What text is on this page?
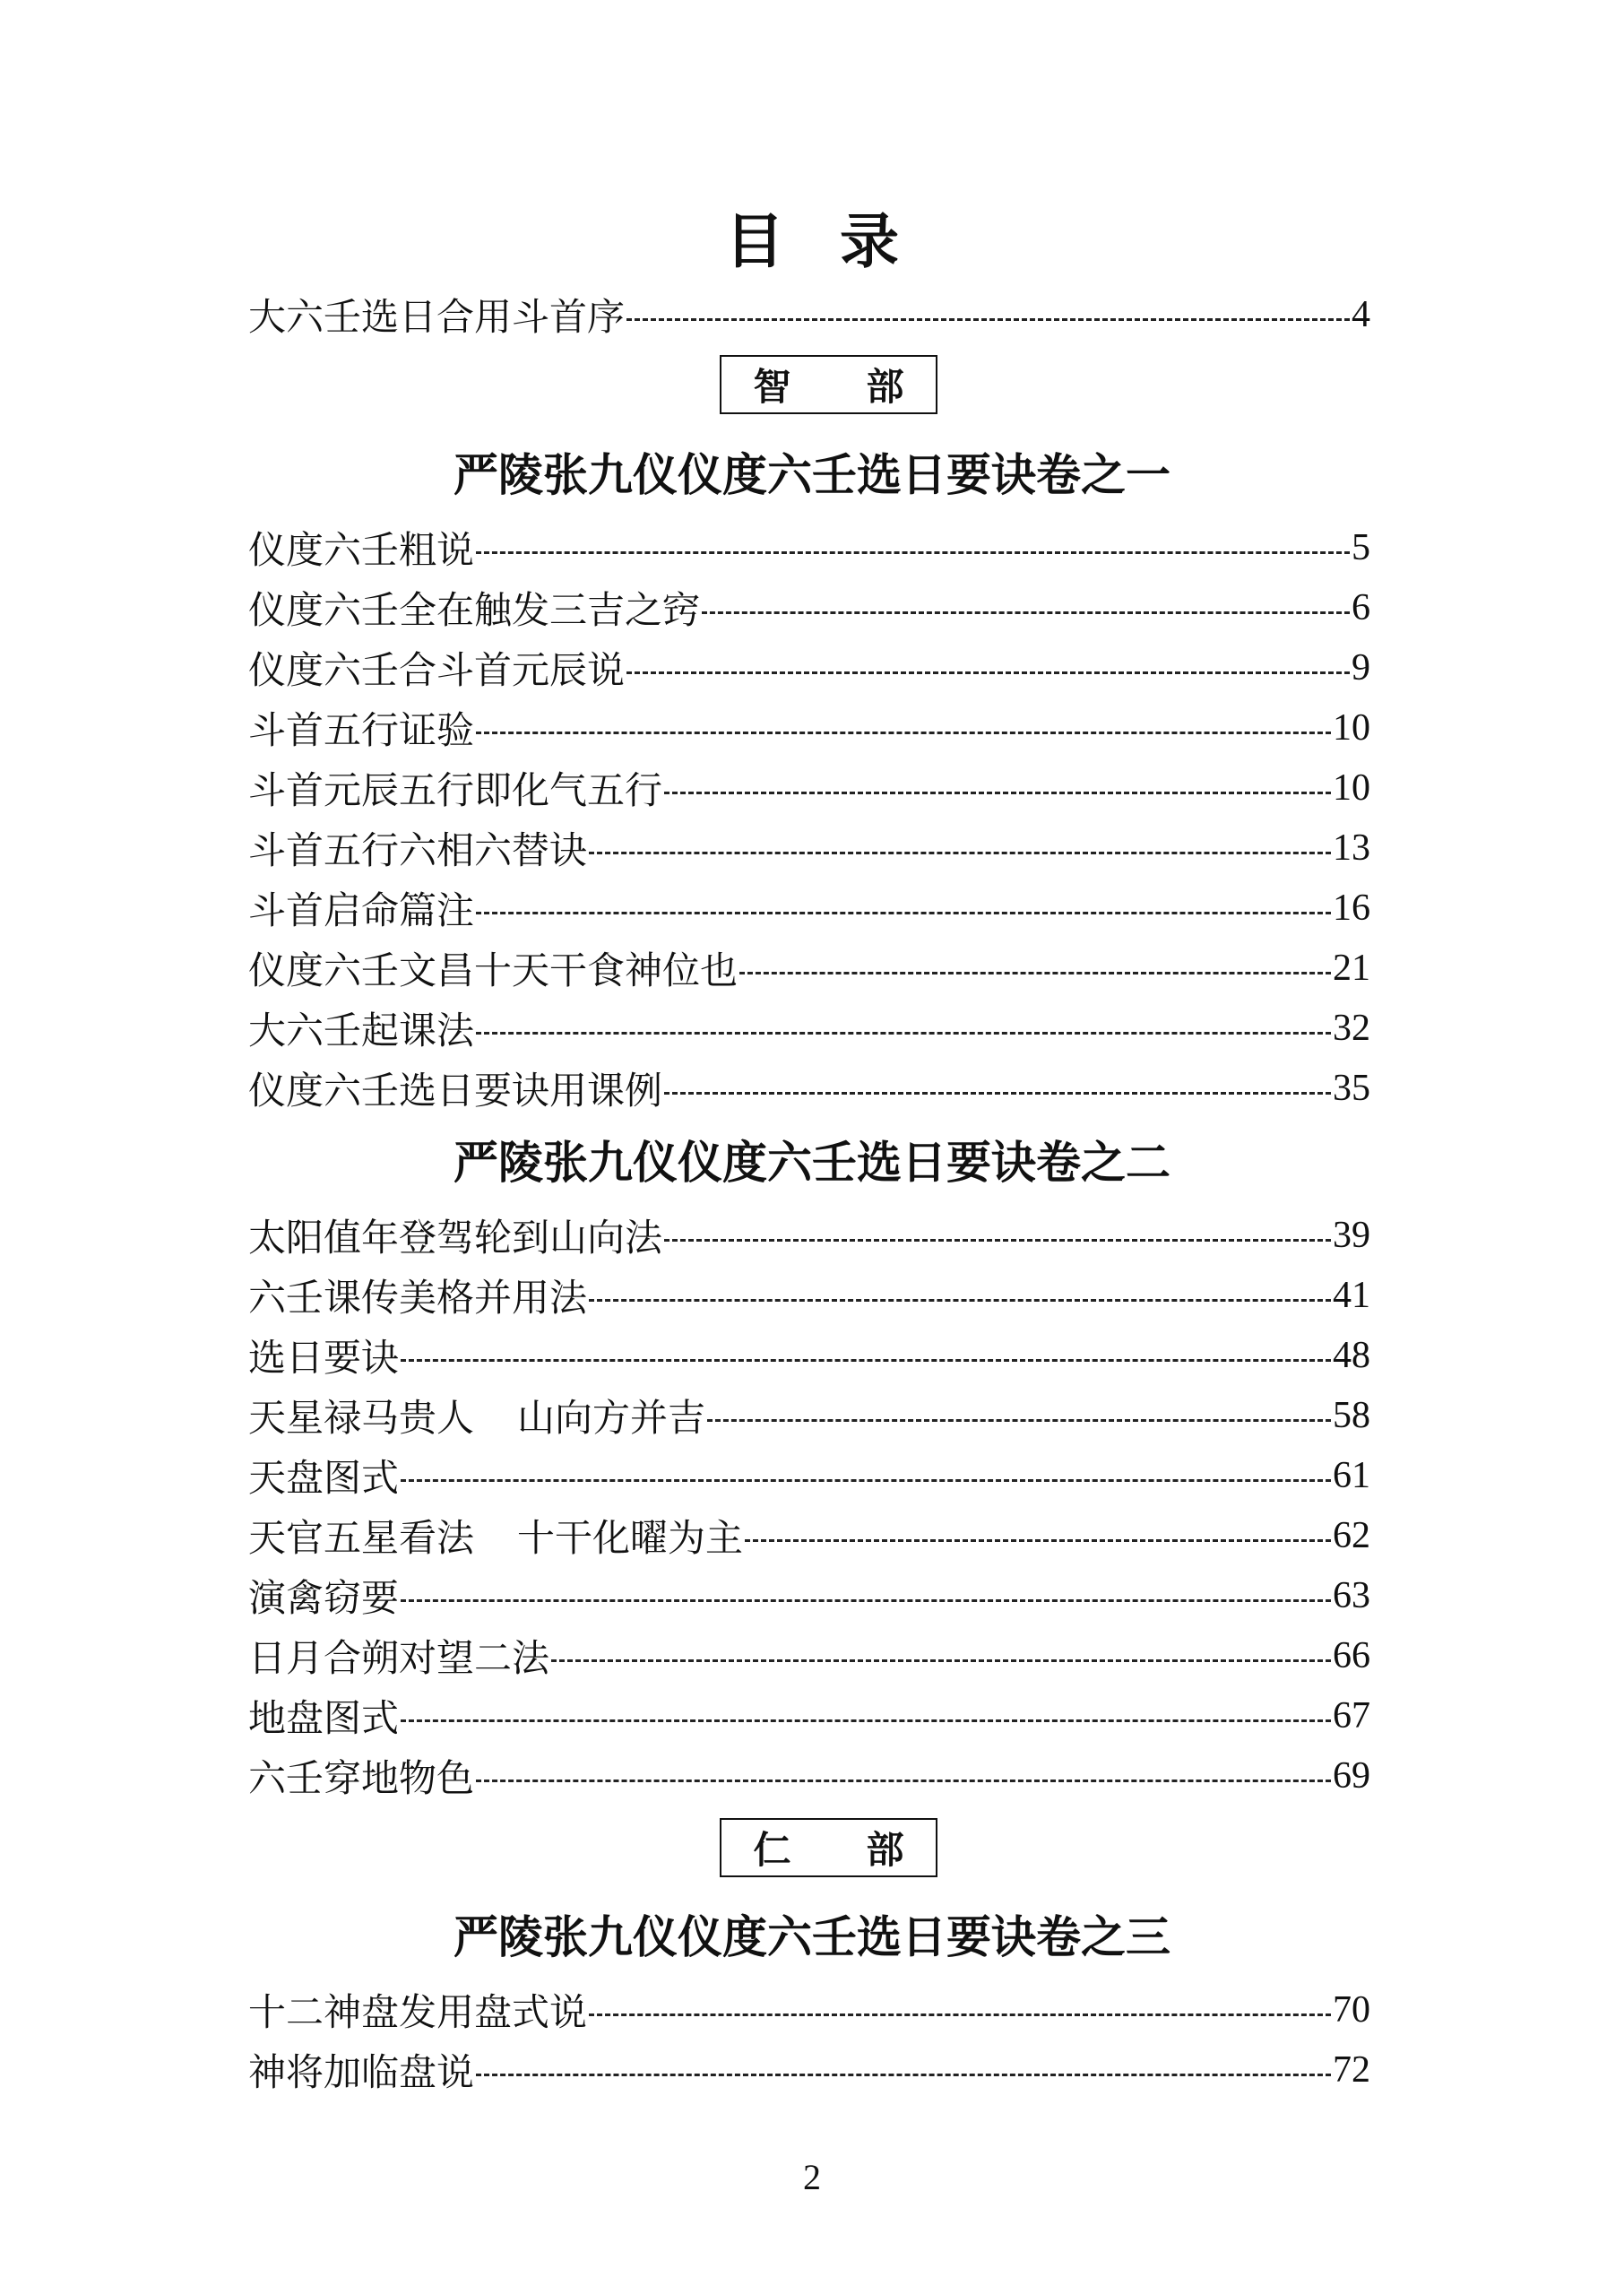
目录
大六壬选日合用斗首序	4
智 部
严陵张九仪仪度六壬选日要诀卷之一
仪度六壬粗说	5
仪度六壬全在触发三吉之窍	6
仪度六壬合斗首元辰说	9
斗首五行证验	10
斗首元辰五行即化气五行	10
斗首五行六相六替诀	13
斗首启命篇注	16
仪度六壬文昌十天干食神位也	21
大六壬起课法	32
仪度六壬选日要诀用课例	35
严陵张九仪仪度六壬选日要诀卷之二
太阳值年登驾轮到山向法	39
六壬课传美格并用法	41
选日要诀	48
天星禄马贵人 山向方并吉	58
天盘图式	61
天官五星看法 十干化曜为主	62
演禽窃要	63
日月合朔对望二法	66
地盘图式	67
六壬穿地物色	69
仁 部
严陵张九仪仪度六壬选日要诀卷之三
十二神盘发用盘式说	70
神将加临盘说	72
2
